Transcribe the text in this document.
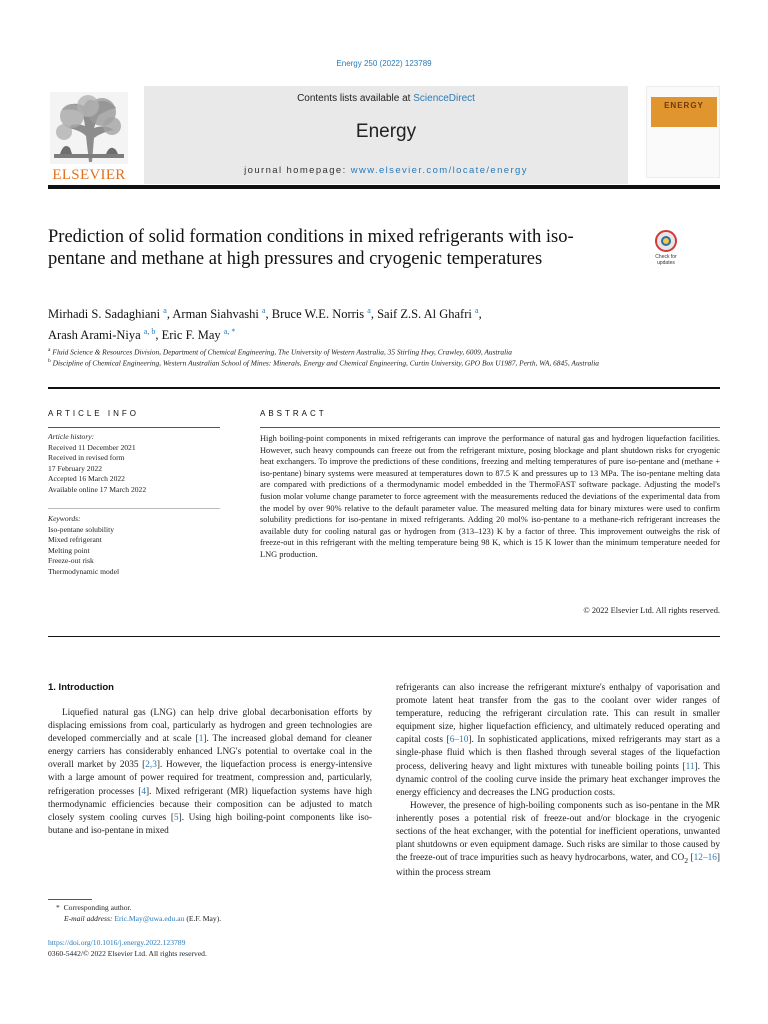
Energy 250 (2022) 123789
ELSEVIER
Contents lists available at ScienceDirect
Energy
journal homepage: www.elsevier.com/locate/energy
ENERGY
Prediction of solid formation conditions in mixed refrigerants with iso-pentane and methane at high pressures and cryogenic temperatures	Check for
updates
Mirhadi S. Sadaghiani $^a$, Arman Siahvashi $^a$, Bruce W.E. Norris $^a$, Saif Z.S. Al Ghafri $^a$,
Arash Arami-Niya $^{a, b}$, Eric F. May $^{a, *}$
$^a$ Fluid Science & Resources Division, Department of Chemical Engineering, The University of Western Australia, 35 Stirling Hwy, Crawley, 6009, Australia
$^b$ Discipline of Chemical Engineering, Western Australian School of Mines: Minerals, Energy and Chemical Engineering, Curtin University, GPO Box U1987, Perth, WA, 6845, Australia
ARTICLE INFO
Article history:
Received 11 December 2021
Received in revised form
17 February 2022
Accepted 16 March 2022
Available online 17 March 2022
Keywords:
Iso-pentane solubility
Mixed refrigerant
Melting point
Freeze-out risk
Thermodynamic model
ABSTRACT
High boiling-point components in mixed refrigerants can improve the performance of natural gas and hydrogen liquefaction facilities. However, such heavy compounds can freeze out from the refrigerant mixture, posing blockage and plant shutdown risks for cryogenic heat exchangers. To improve the predictions of these conditions, freezing and melting temperatures of pure iso-pentane and (methane + iso-pentane) binary systems were measured at temperatures down to 87.5 K and pressures up to 13 MPa. The iso-pentane melting data are compared with predictions of a thermodynamic model embedded in the ThermoFAST software package. Adjusting the model's fusion molar volume change parameter to force agreement with the measurements reduced the deviations of the experimental data from the model by over 90% relative to the default parameter value. The measured melting data for binary mixtures were used to confirm solubility predictions for iso-pentane in mixed refrigerants. Adding 20 mol% iso-pentane to a methane-rich refrigerant increases the available duty for cooling natural gas or hydrogen from (313–123) K by a factor of three. This improvement outweighs the risk of freeze-out in this refrigerant with the melting temperature being 98 K, which is 15 K lower than the minimum temperature needed for LNG production.
© 2022 Elsevier Ltd. All rights reserved.
1. Introduction

Liquefied natural gas (LNG) can help drive global decarbonisation efforts by displacing emissions from coal, particularly as hydrogen and green technologies are developed commercially and at scale [1]. The increased global demand for cleaner energy carriers has considerably enhanced LNG's potential to overtake coal in the overall market by 2035 [2,3]. However, the liquefaction process is energy-intensive with a large amount of power required for treatment, compression and, particularly, refrigeration processes [4]. Mixed refrigerant (MR) liquefaction systems have high thermodynamic efficiencies because their composition can be adjusted to match closely system cooling curves [5]. Using high boiling-point components like iso-butane and iso-pentane in mixed

refrigerants can also increase the refrigerant mixture's enthalpy of vaporisation and promote latent heat transfer from the gas to the coolant over wider ranges of temperature, reducing the refrigerant circulation rate. This can result in smaller equipment size, higher liquefaction efficiency, and ultimately reduced operating and capital costs [6–10]. In sophisticated applications, mixed refrigerants may start as a single-phase fluid which is then flashed through several stages of the liquefaction process, delivering heavy and light mixtures with tuneable boiling points [11]. This dynamic control of the cooling curve inside the primary heat exchanger improves the energy efficiency and decreases the LNG production costs.

However, the presence of high-boiling components such as iso-pentane in the MR inherently poses a potential risk of freeze-out and/or blockage in the cryogenic sections of the heat exchanger, with the potential for inefficient operations, unwanted plant shutdowns or even equipment damage. Such risks are similar to those caused by the freeze-out of trace impurities such as heavy hydrocarbons, water, and $CO_2$ [12–16] within the process stream

* Corresponding author.
E-mail address: Eric.May@uwa.edu.au (E.F. May).
https://doi.org/10.1016/j.energy.2022.123789
0360-5442/© 2022 Elsevier Ltd. All rights reserved.
